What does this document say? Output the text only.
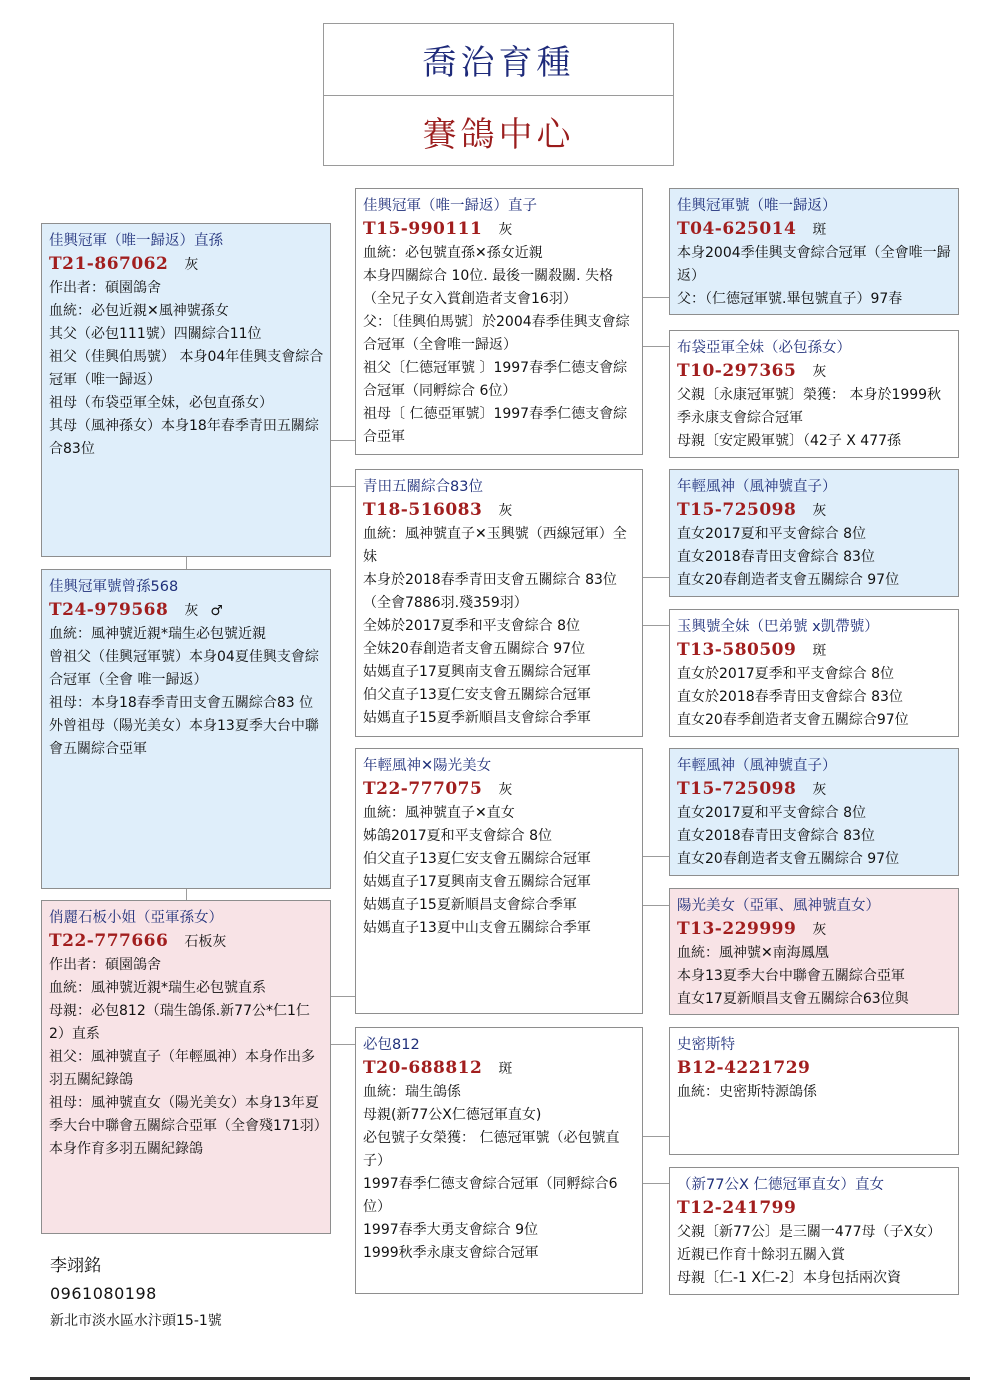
喬治育種
賽鴿中心
佳興冠軍（唯一歸返）直孫
T21-867062 灰
作出者：碩園鴿舍
血統：必包近親✕風神號孫女
其父（必包111號）四關綜合11位
祖父（佳興伯馬號） 本身04年佳興支會綜合冠軍（唯一歸返）
祖母（布袋亞軍全妹，必包直孫女）
其母（風神孫女）本身18年春季青田五關綜合83位
佳興冠軍號曾孫568
T24-979568 灰 ♂
血統：風神號近親*瑞生必包號近親
曾祖父（佳興冠軍號）本身04夏佳興支會綜合冠軍（全會 唯一歸返）
祖母：本身18春季青田支會五關綜合83 位
外曾祖母（陽光美女）本身13夏季大台中聯會五關綜合亞軍
俏麗石板小姐（亞軍孫女）
T22-777666 石板灰
作出者：碩園鴿舍
血統：風神號近親*瑞生必包號直系
母親：必包812（瑞生鴿係.新77公*仁1仁2）直系
祖父：風神號直子（年輕風神）本身作出多羽五關紀錄鴿
祖母：風神號直女（陽光美女）本身13年夏季大台中聯會五關綜合亞軍（全會殘171羽）
本身作育多羽五關紀錄鴿
佳興冠軍（唯一歸返）直子
T15-990111 灰
血統：必包號直孫✕孫女近親
本身四關綜合 10位. 最後一關殺關. 失格（全兄子女入賞創造者支會16羽）
父：〔佳興伯馬號〕於2004春季佳興支會綜合冠軍（全會唯一歸返）
祖父〔仁德冠軍號 〕1997春季仁德支會綜合冠軍（同孵綜合 6位）
祖母〔 仁德亞軍號〕1997春季仁德支會綜合亞軍
青田五關綜合83位
T18-516083 灰
血統：風神號直子✕玉興號（西線冠軍）全妹
本身於2018春季青田支會五關綜合 83位（全會7886羽.殘359羽）
全姊於2017夏季和平支會綜合 8位
全妹20春創造者支會五關綜合 97位
姑媽直子17夏興南支會五關綜合冠軍
伯父直子13夏仁安支會五關綜合冠軍
姑媽直子15夏季新順昌支會綜合季軍
年輕風神✕陽光美女
T22-777075 灰
血統：風神號直子✕直女
姊鴿2017夏和平支會綜合 8位
伯父直子13夏仁安支會五關綜合冠軍
姑媽直子17夏興南支會五關綜合冠軍
姑媽直子15夏新順昌支會綜合季軍
姑媽直子13夏中山支會五關綜合季軍
必包812
T20-688812 斑
血統：瑞生鴿係
母親(新77公X仁德冠軍直女)
必包號子女榮獲： 仁德冠軍號（必包號直子）
1997春季仁德支會綜合冠軍（同孵綜合6位）
1997春季大勇支會綜合 9位
1999秋季永康支會綜合冠軍
佳興冠軍號（唯一歸返）
T04-625014 斑
本身2004季佳興支會綜合冠軍（全會唯一歸返）
父：（仁德冠軍號.畢包號直子）97春
布袋亞軍全妹（必包孫女）
T10-297365 灰
父親〔永康冠軍號〕榮獲： 本身於1999秋季永康支會綜合冠軍
母親〔安定殿軍號〕（42子 X 477孫
年輕風神（風神號直子）
T15-725098 灰
直女2017夏和平支會綜合 8位
直女2018春青田支會綜合 83位
直女20春創造者支會五關綜合 97位
玉興號全妹（巴弟號 x凱帶號）
T13-580509 斑
直女於2017夏季和平支會綜合 8位
直女於2018春季青田支會綜合 83位
直女20春季創造者支會五關綜合97位
年輕風神（風神號直子）
T15-725098 灰
直女2017夏和平支會綜合 8位
直女2018春青田支會綜合 83位
直女20春創造者支會五關綜合 97位
陽光美女（亞軍、風神號直女）
T13-229999 灰
血統：風神號✕南海鳳凰
本身13夏季大台中聯會五關綜合亞軍
直女17夏新順昌支會五關綜合63位與
史密斯特
B12-4221729
血統：史密斯特源鴿係
（新77公X 仁德冠軍直女）直女
T12-241799
父親〔新77公〕是三關一477母（子X女）近親已作育十餘羽五關入賞
母親〔仁-1 X仁-2〕本身包括兩次資
李翊銘
0961080198
新北市淡水區水汴頭15-1號
